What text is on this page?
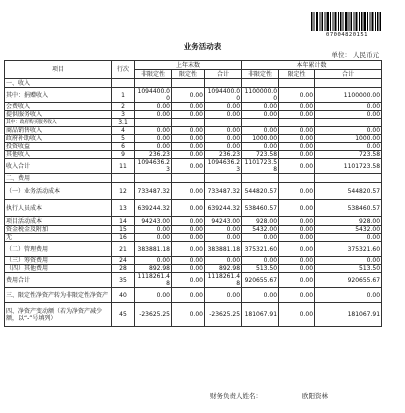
07004820151
业务活动表
单位： 人民币元
项目	行次	上年末数			本年累计数		
		非限定性	限定性	合计	非限定性	限定性	合计
一、收入							
其中：捐赠收入	1	1094400.00	0.00	1094400.00	1100000.00	0.00	1100000.00
会费收入	2	0.00	0.00	0.00	0.00	0.00	0.00
提供服务收入	3	0.00	0.00	0.00	0.00	0.00	0.00
其中：政府购买服务收入	3.1						
商品销售收入	4	0.00	0.00	0.00	0.00	0.00	0.00
政府补助收入	5	0.00	0.00	0.00	1000.00	0.00	1000.00
投资收益	6	0.00	0.00	0.00	0.00	0.00	0.00
其他收入	9	236.23	0.00	236.23	723.58	0.00	723.58
收入合计	11	1094636.23	0.00	1094636.23	1101723.58	0.00	1101723.58
二、费用							
（一）业务活动成本	12	733487.32	0.00	733487.32	544820.57	0.00	544820.57
执行人员成本	13	639244.32	0.00	639244.32	538460.57	0.00	538460.57
项目活动成本	14	94243.00	0.00	94243.00	928.00	0.00	928.00
资金税金及附加	15	0.00	0.00	0.00	5432.00	0.00	5432.00
无	16	0.00	0.00	0.00	0.00	0.00	0.00
（二）管理费用	21	383881.18	0.00	383881.18	375321.60	0.00	375321.60
（三）筹资费用	24	0.00	0.00	0.00	0.00	0.00	0.00
（四）其他费用	28	892.98	0.00	892.98	513.50	0.00	513.50
费用合计	35	1118261.48	0.00	1118261.48	920655.67	0.00	920655.67
三、限定性净资产转为非限定性净资产	40	0.00	0.00	0.00	0.00	0.00	0.00
四、净资产变动额（若为净资产减少额，以“-”号填列）	45	-23625.25	0.00	-23625.25	181067.91	0.00	181067.91
财务负责人姓名：	欧阳资林
